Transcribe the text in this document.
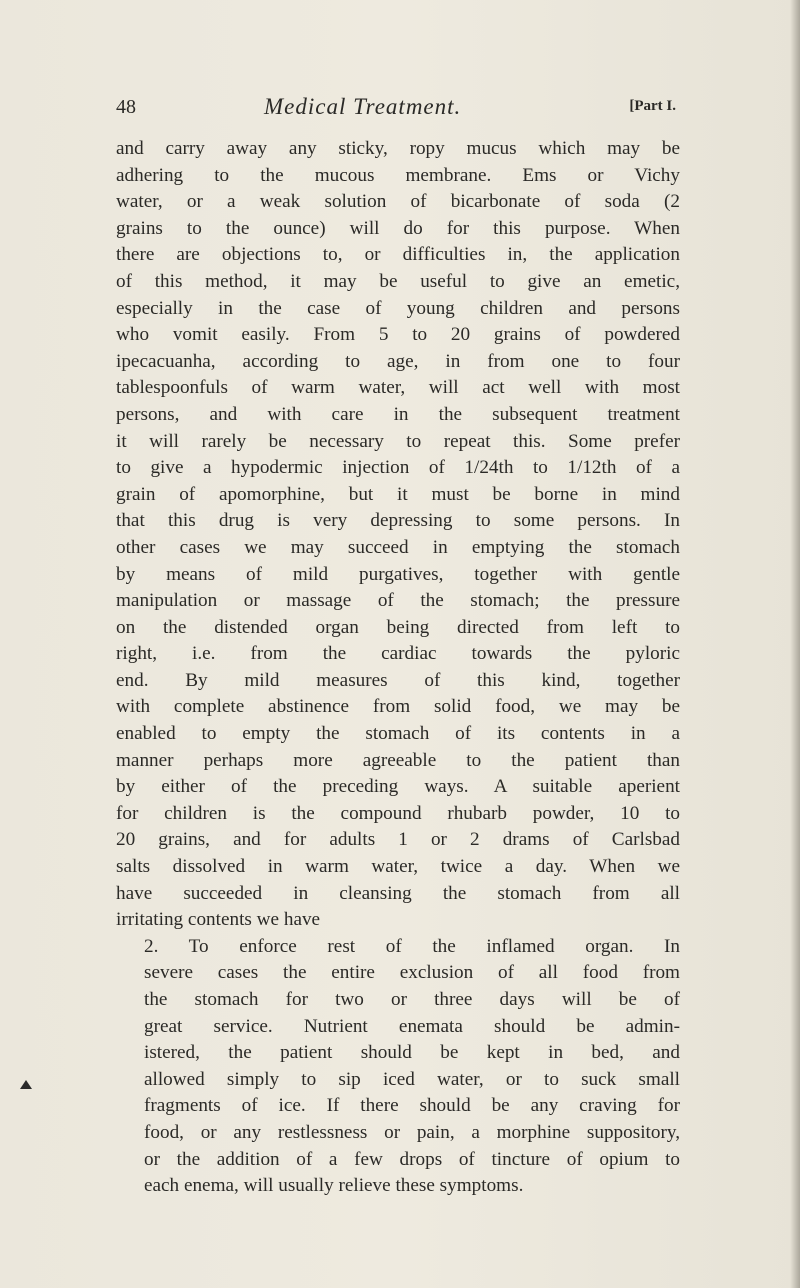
48	Medical Treatment.	[Part I.

and carry away any sticky, ropy mucus which may be
adhering to the mucous membrane. Ems or Vichy
water, or a weak solution of bicarbonate of soda (2
grains to the ounce) will do for this purpose. When
there are objections to, or difficulties in, the application
of this method, it may be useful to give an emetic,
especially in the case of young children and persons
who vomit easily. From 5 to 20 grains of powdered
ipecacuanha, according to age, in from one to four
tablespoonfuls of warm water, will act well with most
persons, and with care in the subsequent treatment
it will rarely be necessary to repeat this. Some prefer
to give a hypodermic injection of 1/24th to 1/12th of a
grain of apomorphine, but it must be borne in mind
that this drug is very depressing to some persons. In
other cases we may succeed in emptying the stomach
by means of mild purgatives, together with gentle
manipulation or massage of the stomach; the pressure
on the distended organ being directed from left to
right, i.e. from the cardiac towards the pyloric
end. By mild measures of this kind, together
with complete abstinence from solid food, we may be
enabled to empty the stomach of its contents in a
manner perhaps more agreeable to the patient than
by either of the preceding ways. A suitable aperient
for children is the compound rhubarb powder, 10 to
20 grains, and for adults 1 or 2 drams of Carlsbad
salts dissolved in warm water, twice a day. When we
have succeeded in cleansing the stomach from all
irritating contents we have

2. To enforce rest of the inflamed organ. In
severe cases the entire exclusion of all food from
the stomach for two or three days will be of
great service. Nutrient enemata should be admin-
istered, the patient should be kept in bed, and
allowed simply to sip iced water, or to suck small
fragments of ice. If there should be any craving for
food, or any restlessness or pain, a morphine suppository,
or the addition of a few drops of tincture of opium to
each enema, will usually relieve these symptoms.
